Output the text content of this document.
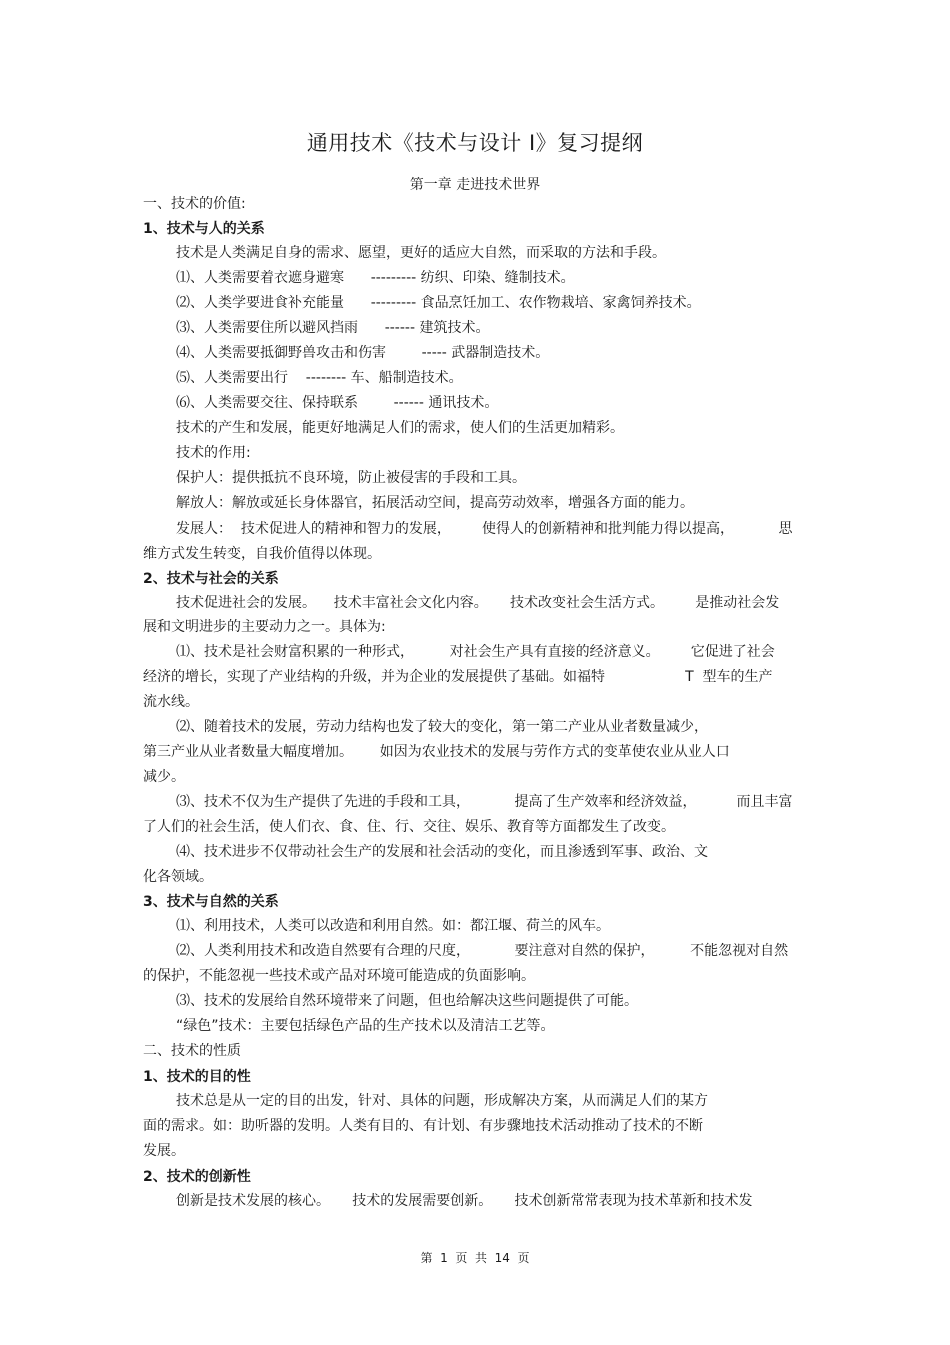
通用技术《技术与设计 I》复习提纲
第一章 走进技术世界
一、技术的价值:
1、技术与人的关系
技术是人类满足自身的需求、愿望，更好的适应大自然，而采取的方法和手段。
⑴、人类需要着衣遮身避寒      --------- 纺织、印染、缝制技术。
⑵、人类学要进食补充能量      --------- 食品烹饪加工、农作物栽培、家禽饲养技术。
⑶、人类需要住所以避风挡雨      ------ 建筑技术。
⑷、人类需要抵御野兽攻击和伤害        ----- 武器制造技术。
⑸、人类需要出行    -------- 车、船制造技术。
⑹、人类需要交往、保持联系        ------ 通讯技术。
技术的产生和发展，能更好地满足人们的需求，使人们的生活更加精彩。
技术的作用:
保护人：提供抵抗不良环境，防止被侵害的手段和工具。
解放人：解放或延长身体器官，拓展活动空间，提高劳动效率，增强各方面的能力。
发展人：  技术促进人的精神和智力的发展，       使得人的创新精神和批判能力得以提高，          思
维方式发生转变，自我价值得以体现。
2、技术与社会的关系
技术促进社会的发展。    技术丰富社会文化内容。     技术改变社会生活方式。       是推动社会发
展和文明进步的主要动力之一。具体为:
⑴、技术是社会财富积累的一种形式，        对社会生产具有直接的经济意义。       它促进了社会
经济的增长，实现了产业结构的升级，并为企业的发展提供了基础。如福特                  T  型车的生产
流水线。
⑵、随着技术的发展，劳动力结构也发了较大的变化，第一第二产业从业者数量减少，
第三产业从业者数量大幅度增加。      如因为农业技术的发展与劳作方式的变革使农业从业人口
减少。
⑶、技术不仅为生产提供了先进的手段和工具，          提高了生产效率和经济效益，         而且丰富
了人们的社会生活，使人们衣、食、住、行、交往、娱乐、教育等方面都发生了改变。
⑷、技术进步不仅带动社会生产的发展和社会活动的变化，而且渗透到军事、政治、文
化各领域。
3、技术与自然的关系
⑴、利用技术，人类可以改造和利用自然。如：都江堰、荷兰的风车。
⑵、人类利用技术和改造自然要有合理的尺度，          要注意对自然的保护，        不能忽视对自然
的保护，不能忽视一些技术或产品对环境可能造成的负面影响。
⑶、技术的发展给自然环境带来了问题，但也给解决这些问题提供了可能。
“绿色”技术：主要包括绿色产品的生产技术以及清洁工艺等。
二、技术的性质
1、技术的目的性
技术总是从一定的目的出发，针对、具体的问题，形成解决方案，从而满足人们的某方
面的需求。如：助听器的发明。人类有目的、有计划、有步骤地技术活动推动了技术的不断
发展。
2、技术的创新性
创新是技术发展的核心。     技术的发展需要创新。     技术创新常常表现为技术革新和技术发
第  1  页  共  14  页
